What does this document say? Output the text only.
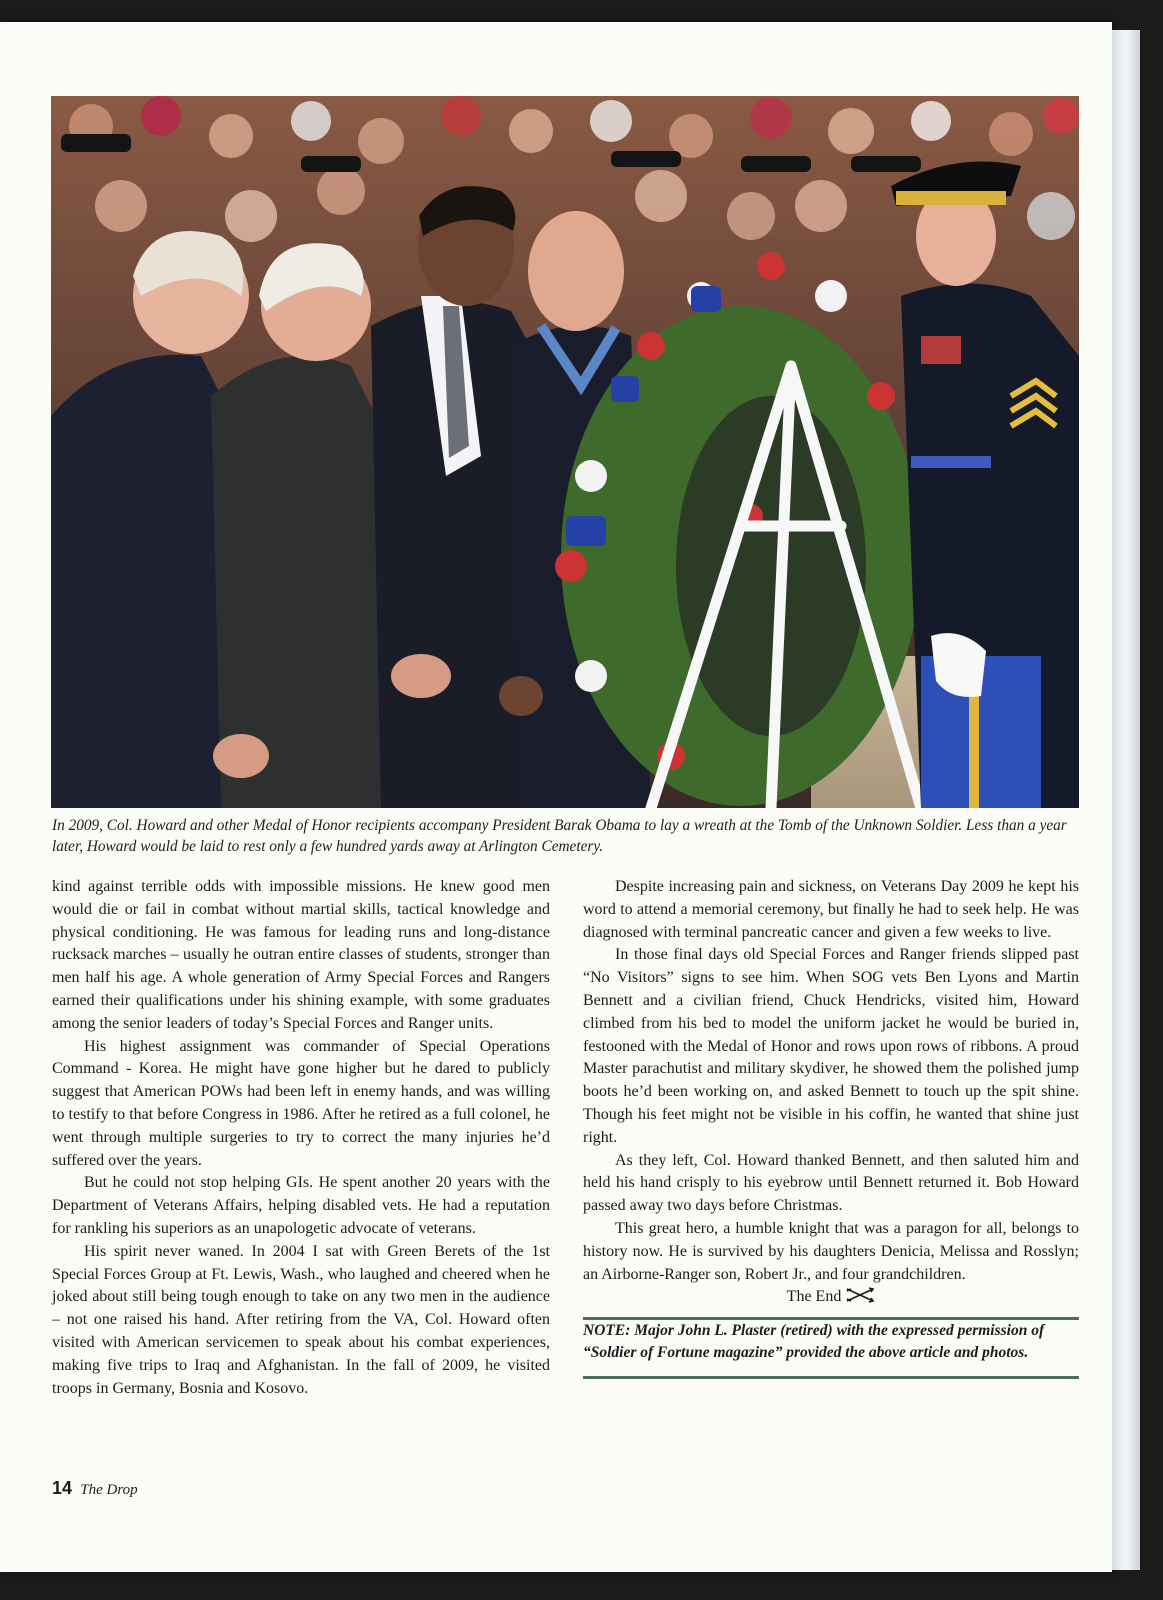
In 2009, Col. Howard and other Medal of Honor recipients accompany President Barak Obama to lay a wreath at the Tomb of the Unknown Soldier. Less than a year later, Howard would be laid to rest only a few hundred yards away at Arlington Cemetery.

kind against terrible odds with impossible missions. He knew good men would die or fail in combat without martial skills, tactical knowledge and physical conditioning. He was famous for leading runs and long-distance rucksack marches – usually he outran entire classes of students, stronger than men half his age. A whole generation of Army Special Forces and Rangers earned their qualifications under his shining example, with some graduates among the senior leaders of today’s Special Forces and Ranger units.

His highest assignment was commander of Special Operations Command - Korea. He might have gone higher but he dared to publicly suggest that American POWs had been left in enemy hands, and was willing to testify to that before Congress in 1986. After he retired as a full colonel, he went through multiple surgeries to try to correct the many injuries he’d suffered over the years.

But he could not stop helping GIs. He spent another 20 years with the Department of Veterans Affairs, helping disabled vets. He had a reputation for rankling his superiors as an unapologetic advocate of veterans.

His spirit never waned. In 2004 I sat with Green Berets of the 1st Special Forces Group at Ft. Lewis, Wash., who laughed and cheered when he joked about still being tough enough to take on any two men in the audience – not one raised his hand. After retiring from the VA, Col. Howard often visited with American servicemen to speak about his combat experiences, making five trips to Iraq and Afghanistan. In the fall of 2009, he visited troops in Germany, Bosnia and Kosovo.

Despite increasing pain and sickness, on Veterans Day 2009 he kept his word to attend a memorial ceremony, but finally he had to seek help. He was diagnosed with terminal pancreatic cancer and given a few weeks to live.

In those final days old Special Forces and Ranger friends slipped past “No Visitors” signs to see him. When SOG vets Ben Lyons and Martin Bennett and a civilian friend, Chuck Hendricks, visited him, Howard climbed from his bed to model the uniform jacket he would be buried in, festooned with the Medal of Honor and rows upon rows of ribbons. A proud Master parachutist and military skydiver, he showed them the polished jump boots he’d been working on, and asked Bennett to touch up the spit shine. Though his feet might not be visible in his coffin, he wanted that shine just right.

As they left, Col. Howard thanked Bennett, and then saluted him and held his hand crisply to his eyebrow until Bennett returned it. Bob Howard passed away two days before Christmas.

This great hero, a humble knight that was a paragon for all, belongs to history now. He is survived by his daughters Denicia, Melissa and Rosslyn; an Airborne-Ranger son, Robert Jr., and four grandchildren.

The End

NOTE: Major John L. Plaster (retired) with the expressed permission of “Soldier of Fortune magazine” provided the above article and photos.

14 The Drop
